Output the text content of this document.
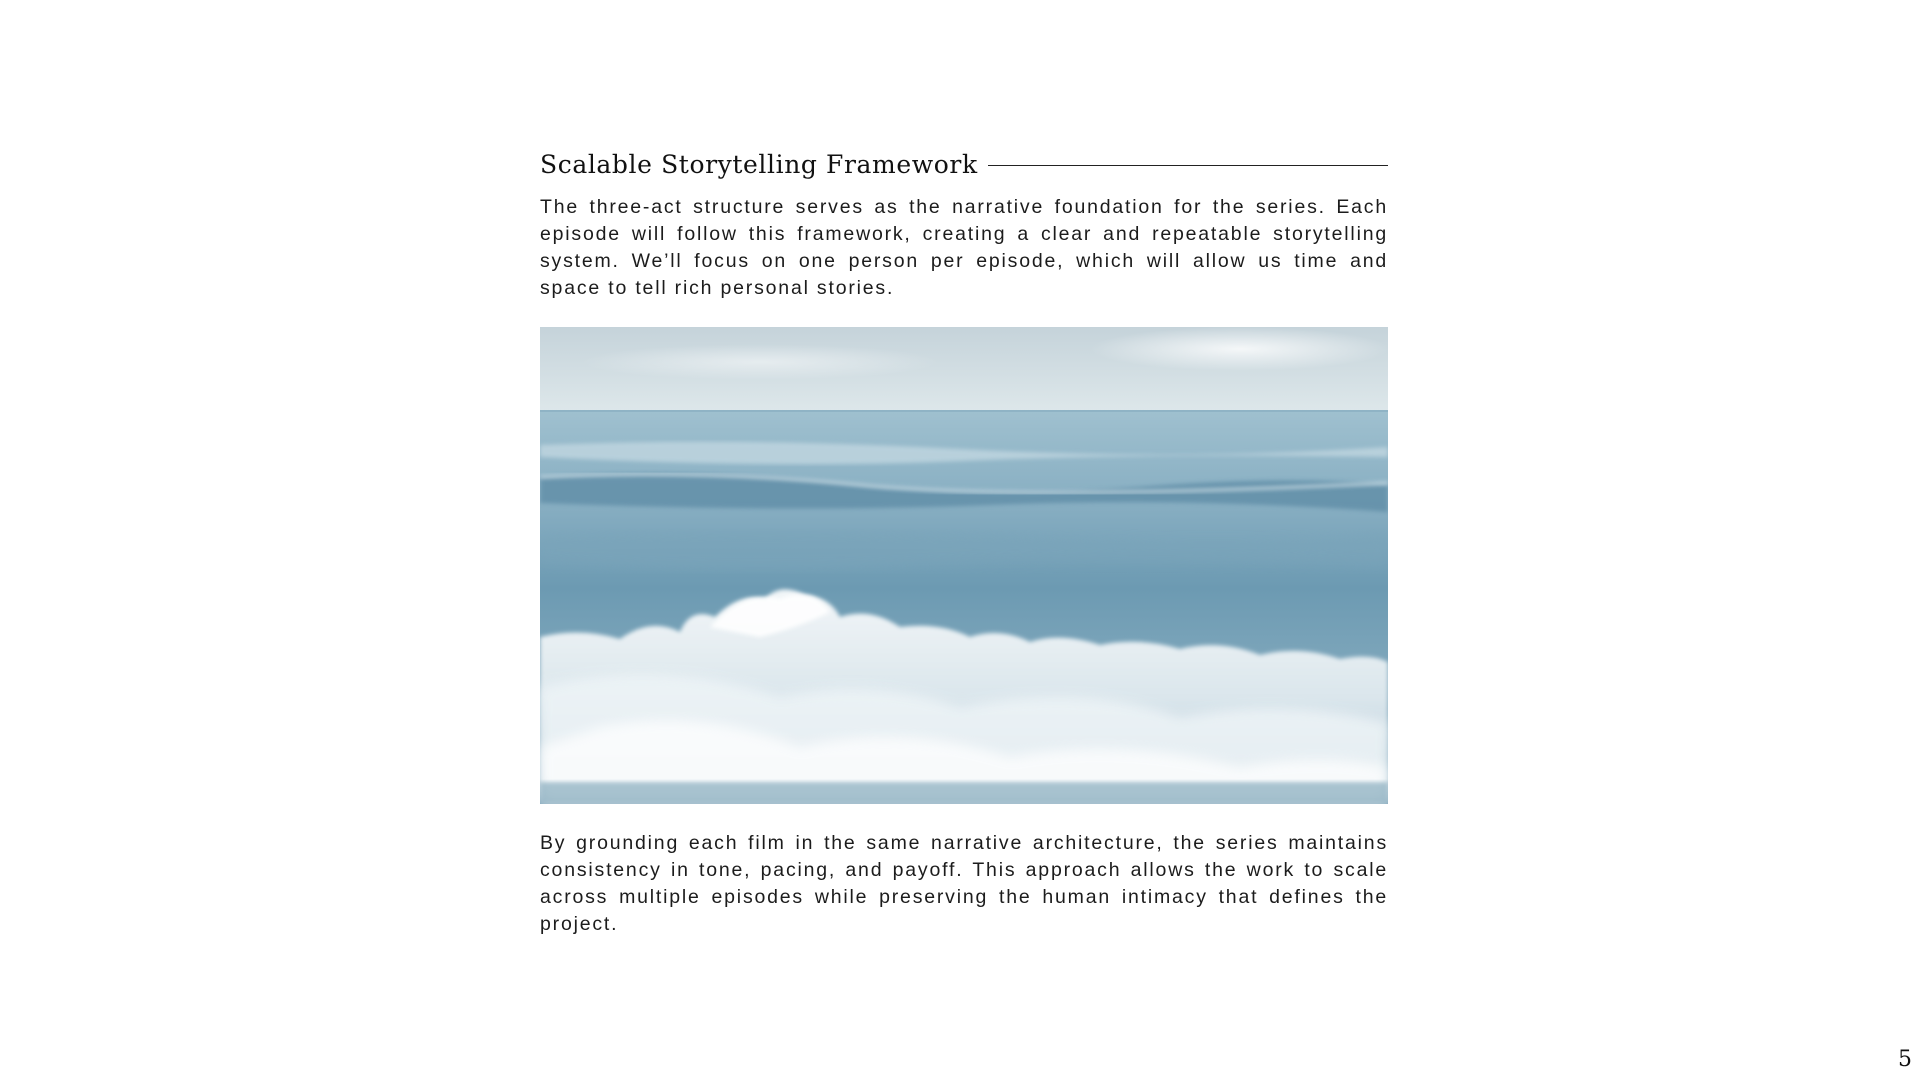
Scalable Storytelling Framework

The three-act structure serves as the narrative foundation for the series. Each episode will follow this framework, creating a clear and repeatable storytelling system. We’ll focus on one person per episode, which will allow us time and space to tell rich personal stories.

By grounding each film in the same narrative architecture, the series maintains consistency in tone, pacing, and payoff. This approach allows the work to scale across multiple episodes while preserving the human intimacy that defines the project.

5
